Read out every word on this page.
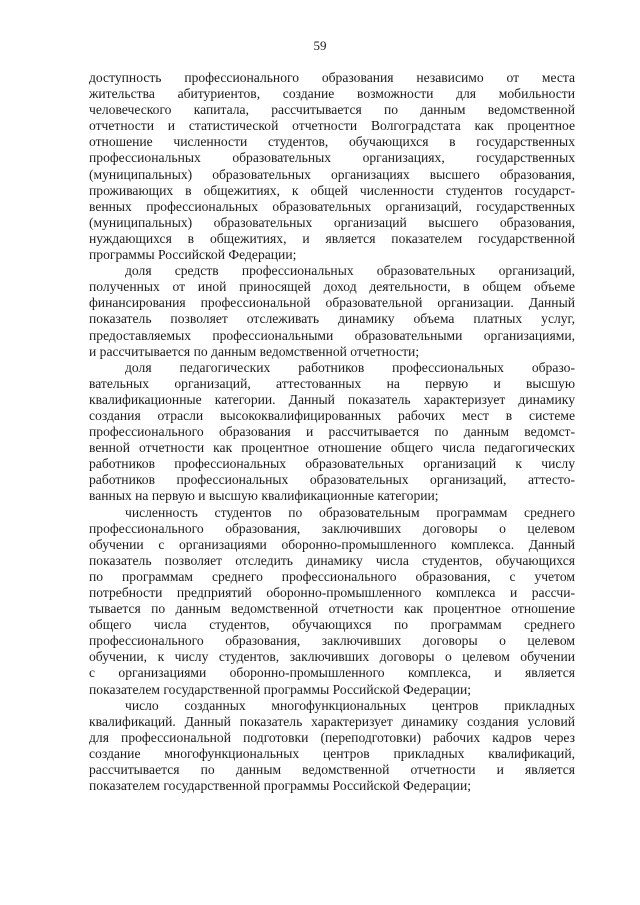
59
доступность профессионального образования независимо от места
жительства абитуриентов, создание возможности для мобильности
человеческого капитала, рассчитывается по данным ведомственной
отчетности и статистической отчетности Волгоградстата как процентное
отношение численности студентов, обучающихся в государственных
профессиональных образовательных организациях, государственных
(муниципальных) образовательных организациях высшего образования,
проживающих в общежитиях, к общей численности студентов государст-
венных профессиональных образовательных организаций, государственных
(муниципальных) образовательных организаций высшего образования,
нуждающихся в общежитиях, и является показателем государственной
программы Российской Федерации;
доля средств профессиональных образовательных организаций,
полученных от иной приносящей доход деятельности, в общем объеме
финансирования профессиональной образовательной организации. Данный
показатель позволяет отслеживать динамику объема платных услуг,
предоставляемых профессиональными образовательными организациями,
и рассчитывается по данным ведомственной отчетности;
доля педагогических работников профессиональных образо-
вательных организаций, аттестованных на первую и высшую
квалификационные категории. Данный показатель характеризует динамику
создания отрасли высококвалифицированных рабочих мест в системе
профессионального образования и рассчитывается по данным ведомст-
венной отчетности как процентное отношение общего числа педагогических
работников профессиональных образовательных организаций к числу
работников профессиональных образовательных организаций, аттесто-
ванных на первую и высшую квалификационные категории;
численность студентов по образовательным программам среднего
профессионального образования, заключивших договоры о целевом
обучении с организациями оборонно-промышленного комплекса. Данный
показатель позволяет отследить динамику числа студентов, обучающихся
по программам среднего профессионального образования, с учетом
потребности предприятий оборонно-промышленного комплекса и рассчи-
тывается по данным ведомственной отчетности как процентное отношение
общего числа студентов, обучающихся по программам среднего
профессионального образования, заключивших договоры о целевом
обучении, к числу студентов, заключивших договоры о целевом обучении
с организациями оборонно-промышленного комплекса, и является
показателем государственной программы Российской Федерации;
число созданных многофункциональных центров прикладных
квалификаций. Данный показатель характеризует динамику создания условий
для профессиональной подготовки (переподготовки) рабочих кадров через
создание многофункциональных центров прикладных квалификаций,
рассчитывается по данным ведомственной отчетности и является
показателем государственной программы Российской Федерации;
